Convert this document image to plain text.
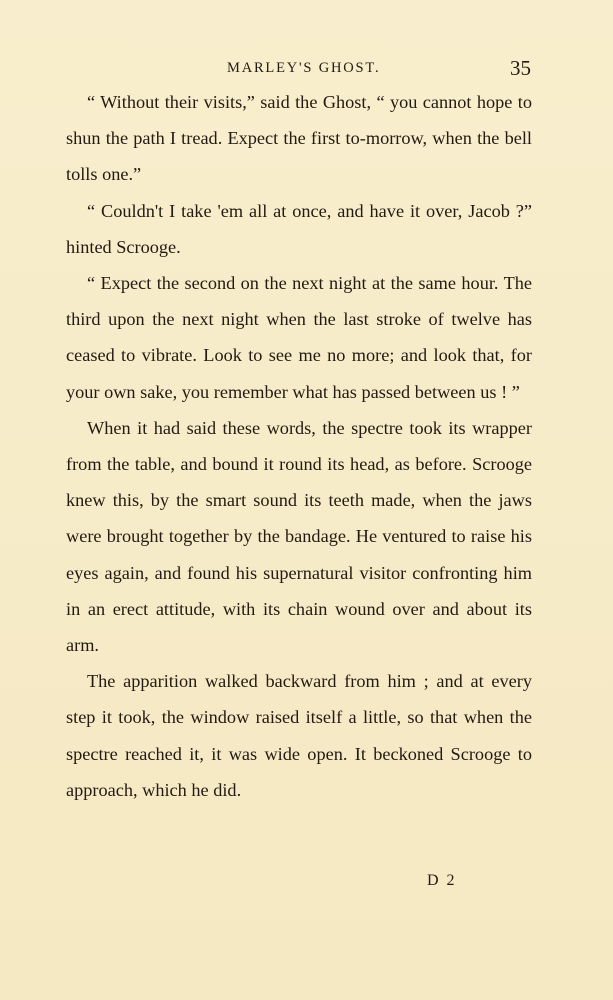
MARLEY'S GHOST.	35

“ Without their visits,” said the Ghost, “ you cannot hope to shun the path I tread. Expect the first to-morrow, when the bell tolls one.”

“ Couldn't I take 'em all at once, and have it over, Jacob ?” hinted Scrooge.

“ Expect the second on the next night at the same hour. The third upon the next night when the last stroke of twelve has ceased to vibrate. Look to see me no more; and look that, for your own sake, you remember what has passed between us ! ”

When it had said these words, the spectre took its wrapper from the table, and bound it round its head, as before. Scrooge knew this, by the smart sound its teeth made, when the jaws were brought together by the bandage. He ventured to raise his eyes again, and found his supernatural visitor confronting him in an erect attitude, with its chain wound over and about its arm.

The apparition walked backward from him ; and at every step it took, the window raised itself a little, so that when the spectre reached it, it was wide open. It beckoned Scrooge to approach, which he did.

D 2
